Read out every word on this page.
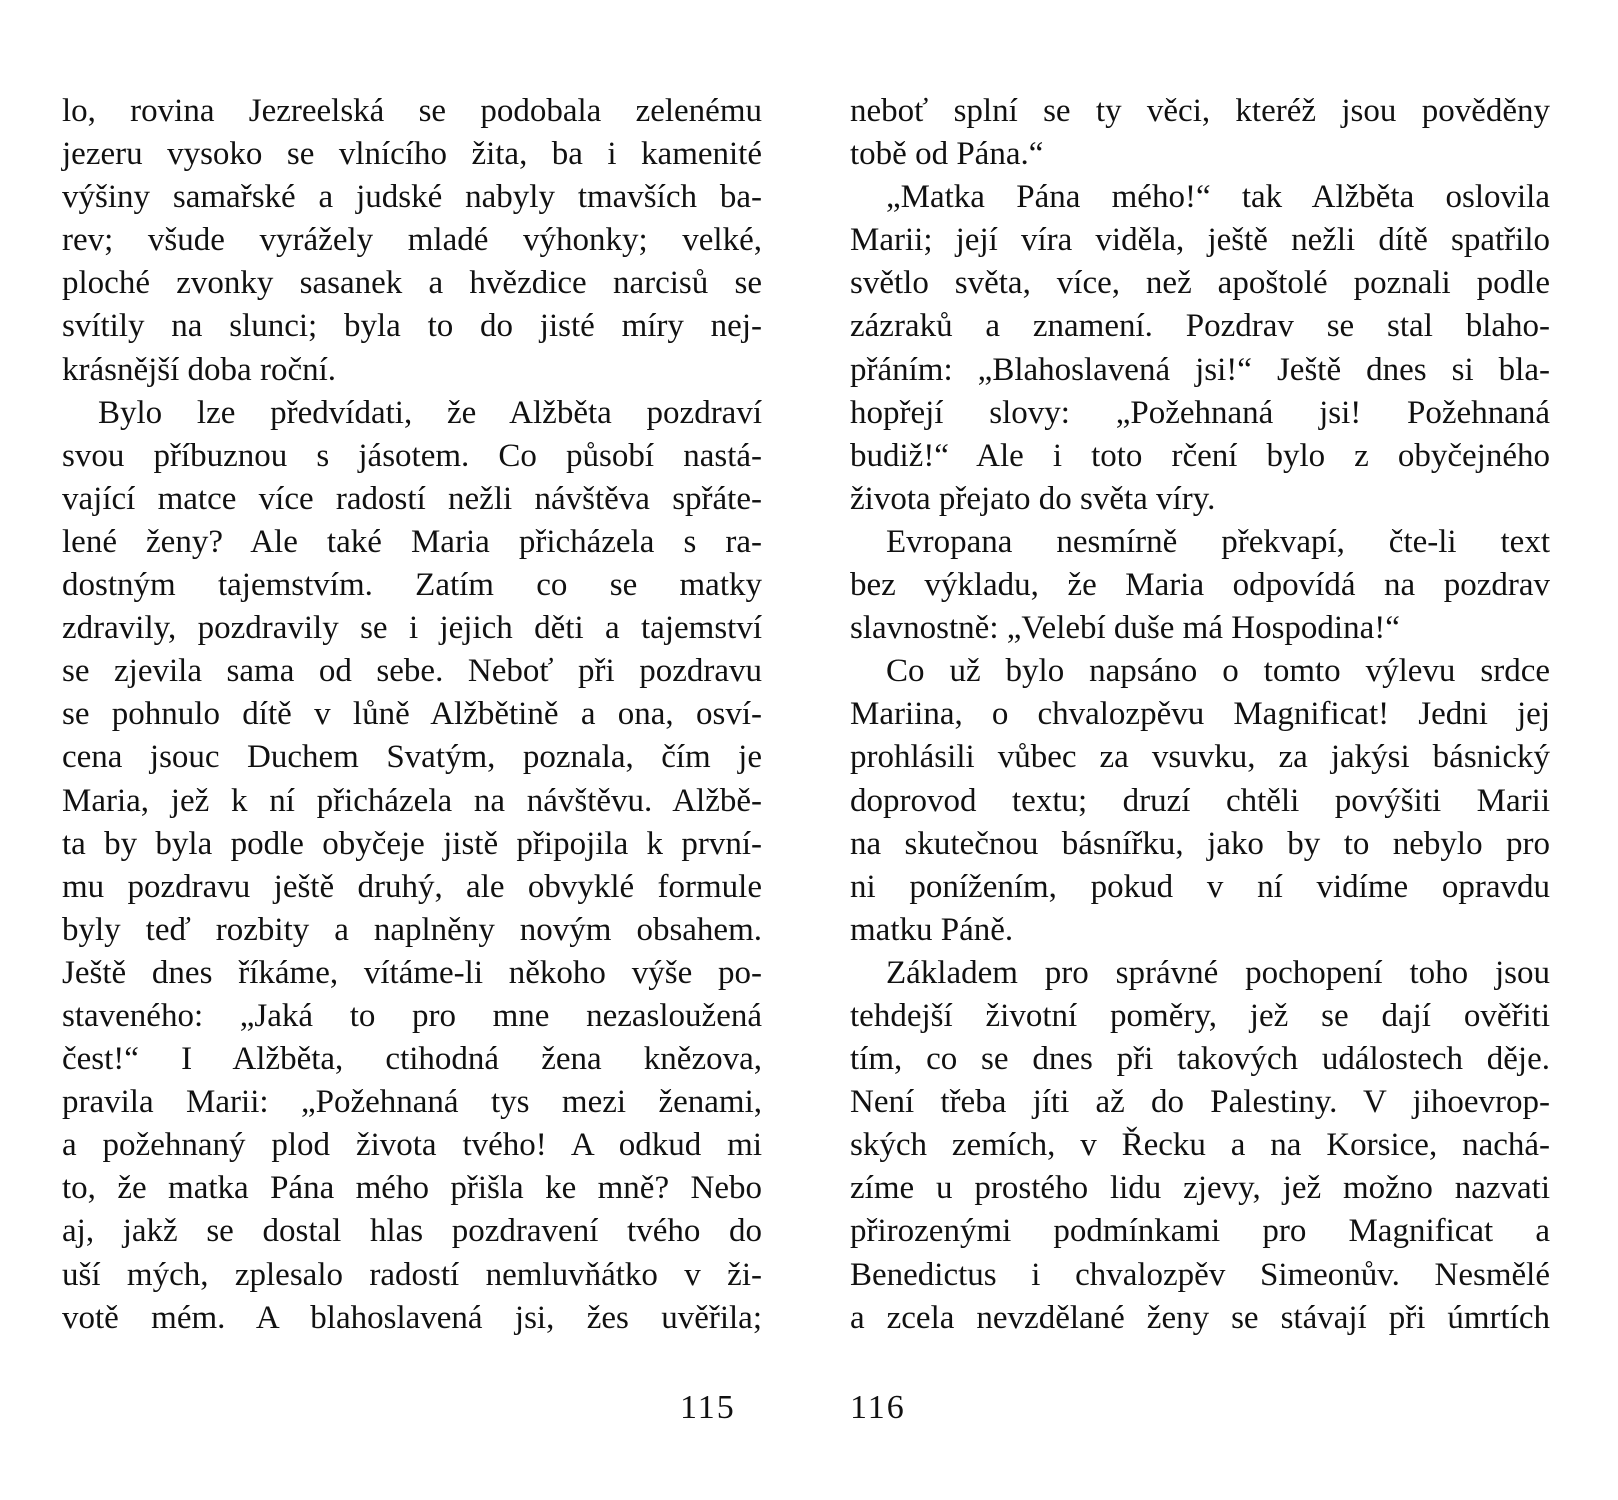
lo, rovina Jezreelská se podobala zelenému
jezeru vysoko se vlnícího žita, ba i kamenité
výšiny samařské a judské nabyly tmavších ba-
rev; všude vyrážely mladé výhonky; velké,
ploché zvonky sasanek a hvězdice narcisů se
svítily na slunci; byla to do jisté míry nej-
krásnější doba roční.
Bylo lze předvídati, že Alžběta pozdraví
svou příbuznou s jásotem. Co působí nastá-
vající matce více radostí nežli návštěva spřáte-
lené ženy? Ale také Maria přicházela s ra-
dostným tajemstvím. Zatím co se matky
zdravily, pozdravily se i jejich děti a tajemství
se zjevila sama od sebe. Neboť při pozdravu
se pohnulo dítě v lůně Alžbětině a ona, osví-
cena jsouc Duchem Svatým, poznala, čím je
Maria, jež k ní přicházela na návštěvu. Alžbě-
ta by byla podle obyčeje jistě připojila k první-
mu pozdravu ještě druhý, ale obvyklé formule
byly teď rozbity a naplněny novým obsahem.
Ještě dnes říkáme, vítáme-li někoho výše po-
staveného: „Jaká to pro mne nezasloužená
čest!“ I Alžběta, ctihodná žena knězova,
pravila Marii: „Požehnaná tys mezi ženami,
a požehnaný plod života tvého! A odkud mi
to, že matka Pána mého přišla ke mně? Nebo
aj, jakž se dostal hlas pozdravení tvého do
uší mých, zplesalo radostí nemluvňátko v ži-
votě mém. A blahoslavená jsi, žes uvěřila;
neboť splní se ty věci, kteréž jsou pověděny
tobě od Pána.“
„Matka Pána mého!“ tak Alžběta oslovila
Marii; její víra viděla, ještě nežli dítě spatřilo
světlo světa, více, než apoštolé poznali podle
zázraků a znamení. Pozdrav se stal blaho-
přáním: „Blahoslavená jsi!“ Ještě dnes si bla-
hopřejí slovy: „Požehnaná jsi! Požehnaná
budiž!“ Ale i toto rčení bylo z obyčejného
života přejato do světa víry.
Evropana nesmírně překvapí, čte-li text
bez výkladu, že Maria odpovídá na pozdrav
slavnostně: „Velebí duše má Hospodina!“
Co už bylo napsáno o tomto výlevu srdce
Mariina, o chvalozpěvu Magnificat! Jedni jej
prohlásili vůbec za vsuvku, za jakýsi básnický
doprovod textu; druzí chtěli povýšiti Marii
na skutečnou básnířku, jako by to nebylo pro
ni ponížením, pokud v ní vidíme opravdu
matku Páně.
Základem pro správné pochopení toho jsou
tehdejší životní poměry, jež se dají ověřiti
tím, co se dnes při takových událostech děje.
Není třeba jíti až do Palestiny. V jihoevrop-
ských zemích, v Řecku a na Korsice, nachá-
zíme u prostého lidu zjevy, jež možno nazvati
přirozenými podmínkami pro Magnificat a
Benedictus i chvalozpěv Simeonův. Nesmělé
a zcela nevzdělané ženy se stávají při úmrtích
115	116
